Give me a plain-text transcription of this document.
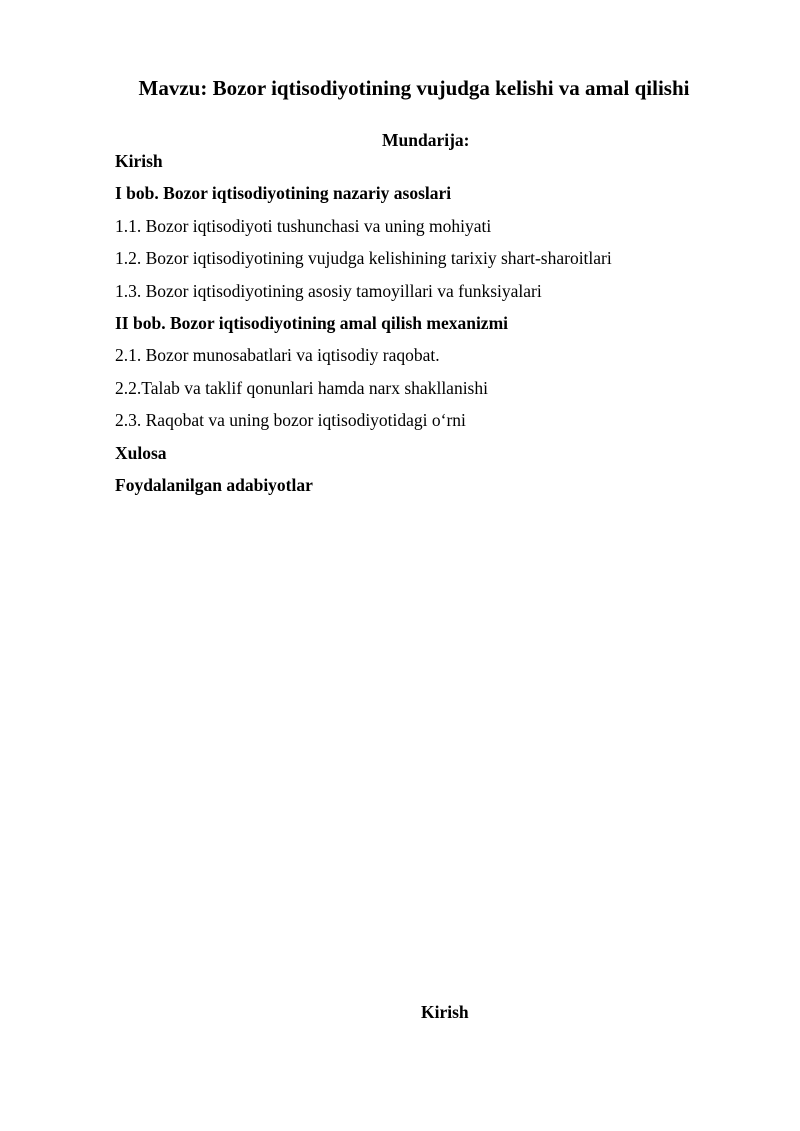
Mavzu: Bozor iqtisodiyotining vujudga kelishi va amal qilishi
Mundarija:
Kirish
I bob. Bozor iqtisodiyotining nazariy asoslari
1.1. Bozor iqtisodiyoti tushunchasi va uning mohiyati
1.2. Bozor iqtisodiyotining vujudga kelishining tarixiy shart-sharoitlari
1.3. Bozor iqtisodiyotining asosiy tamoyillari va funksiyalari
II bob. Bozor iqtisodiyotining amal qilish mexanizmi
2.1. Bozor munosabatlari va iqtisodiy raqobat.
2.2.Talab va taklif qonunlari hamda narx shakllanishi
2.3. Raqobat va uning bozor iqtisodiyotidagi o‘rni
Xulosa
Foydalanilgan adabiyotlar
Kirish
